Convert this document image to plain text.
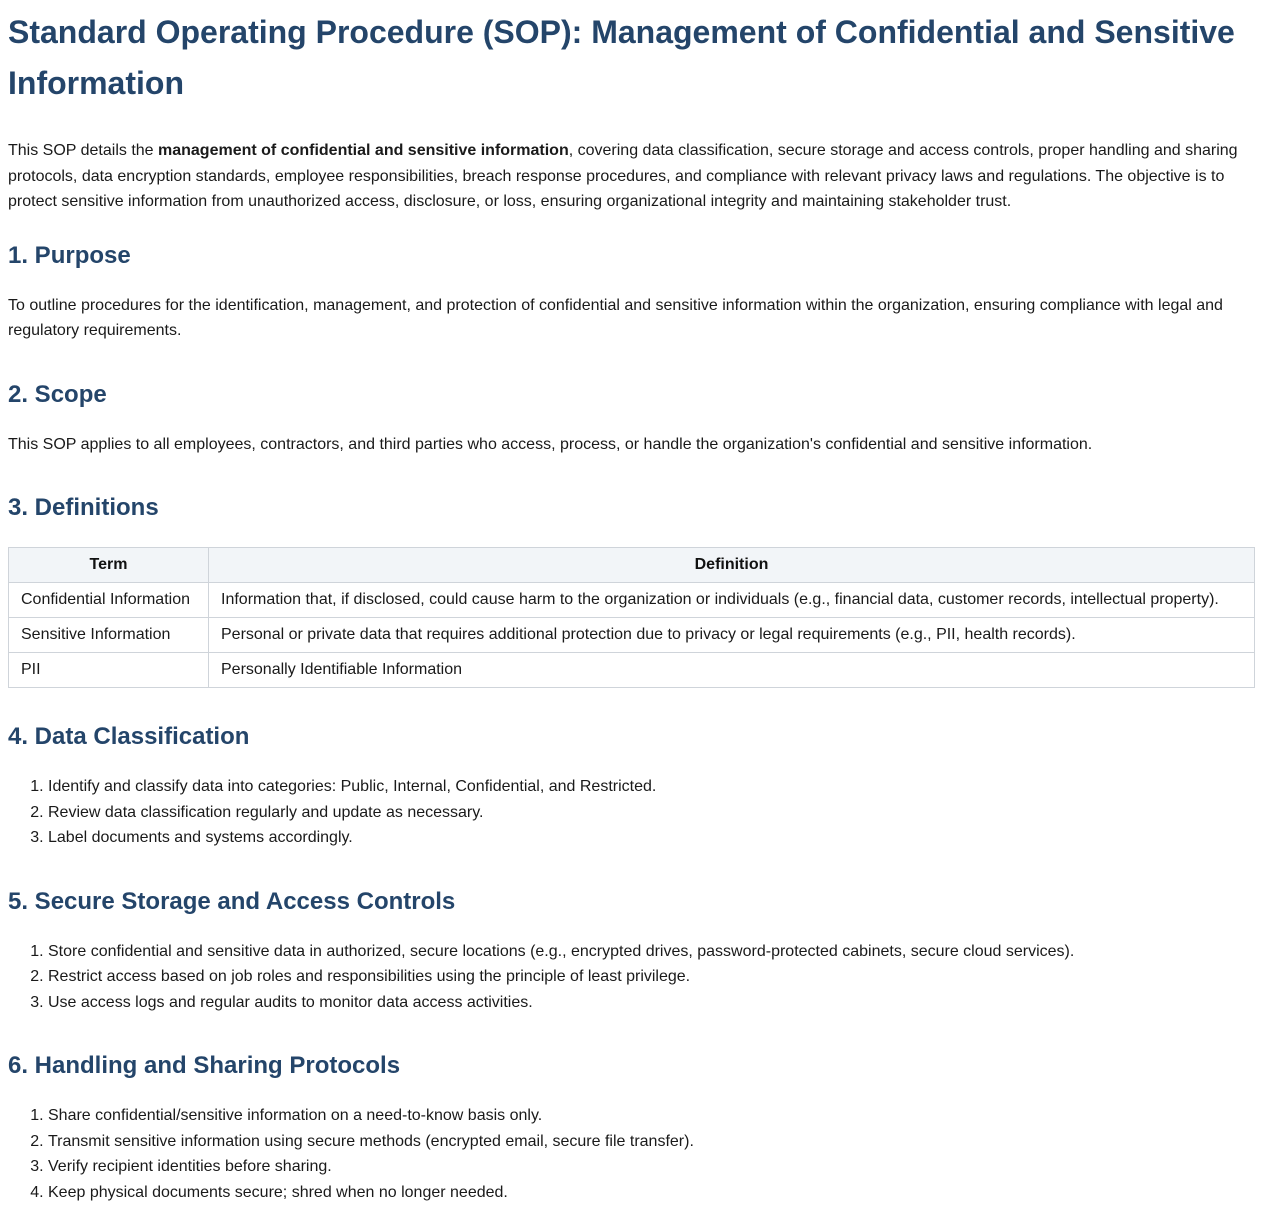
Standard Operating Procedure (SOP): Management of Confidential and Sensitive Information

This SOP details the management of confidential and sensitive information, covering data classification, secure storage and access controls, proper handling and sharing protocols, data encryption standards, employee responsibilities, breach response procedures, and compliance with relevant privacy laws and regulations. The objective is to protect sensitive information from unauthorized access, disclosure, or loss, ensuring organizational integrity and maintaining stakeholder trust.

1. Purpose

To outline procedures for the identification, management, and protection of confidential and sensitive information within the organization, ensuring compliance with legal and regulatory requirements.

2. Scope

This SOP applies to all employees, contractors, and third parties who access, process, or handle the organization's confidential and sensitive information.

3. Definitions
Term	Definition
Confidential Information	Information that, if disclosed, could cause harm to the organization or individuals (e.g., financial data, customer records, intellectual property).
Sensitive Information	Personal or private data that requires additional protection due to privacy or legal requirements (e.g., PII, health records).
PII	Personally Identifiable Information
4. Data Classification
1. Identify and classify data into categories: Public, Internal, Confidential, and Restricted.
2. Review data classification regularly and update as necessary.
3. Label documents and systems accordingly.
5. Secure Storage and Access Controls
1. Store confidential and sensitive data in authorized, secure locations (e.g., encrypted drives, password-protected cabinets, secure cloud services).
2. Restrict access based on job roles and responsibilities using the principle of least privilege.
3. Use access logs and regular audits to monitor data access activities.
6. Handling and Sharing Protocols
1. Share confidential/sensitive information on a need-to-know basis only.
2. Transmit sensitive information using secure methods (encrypted email, secure file transfer).
3. Verify recipient identities before sharing.
4. Keep physical documents secure; shred when no longer needed.
